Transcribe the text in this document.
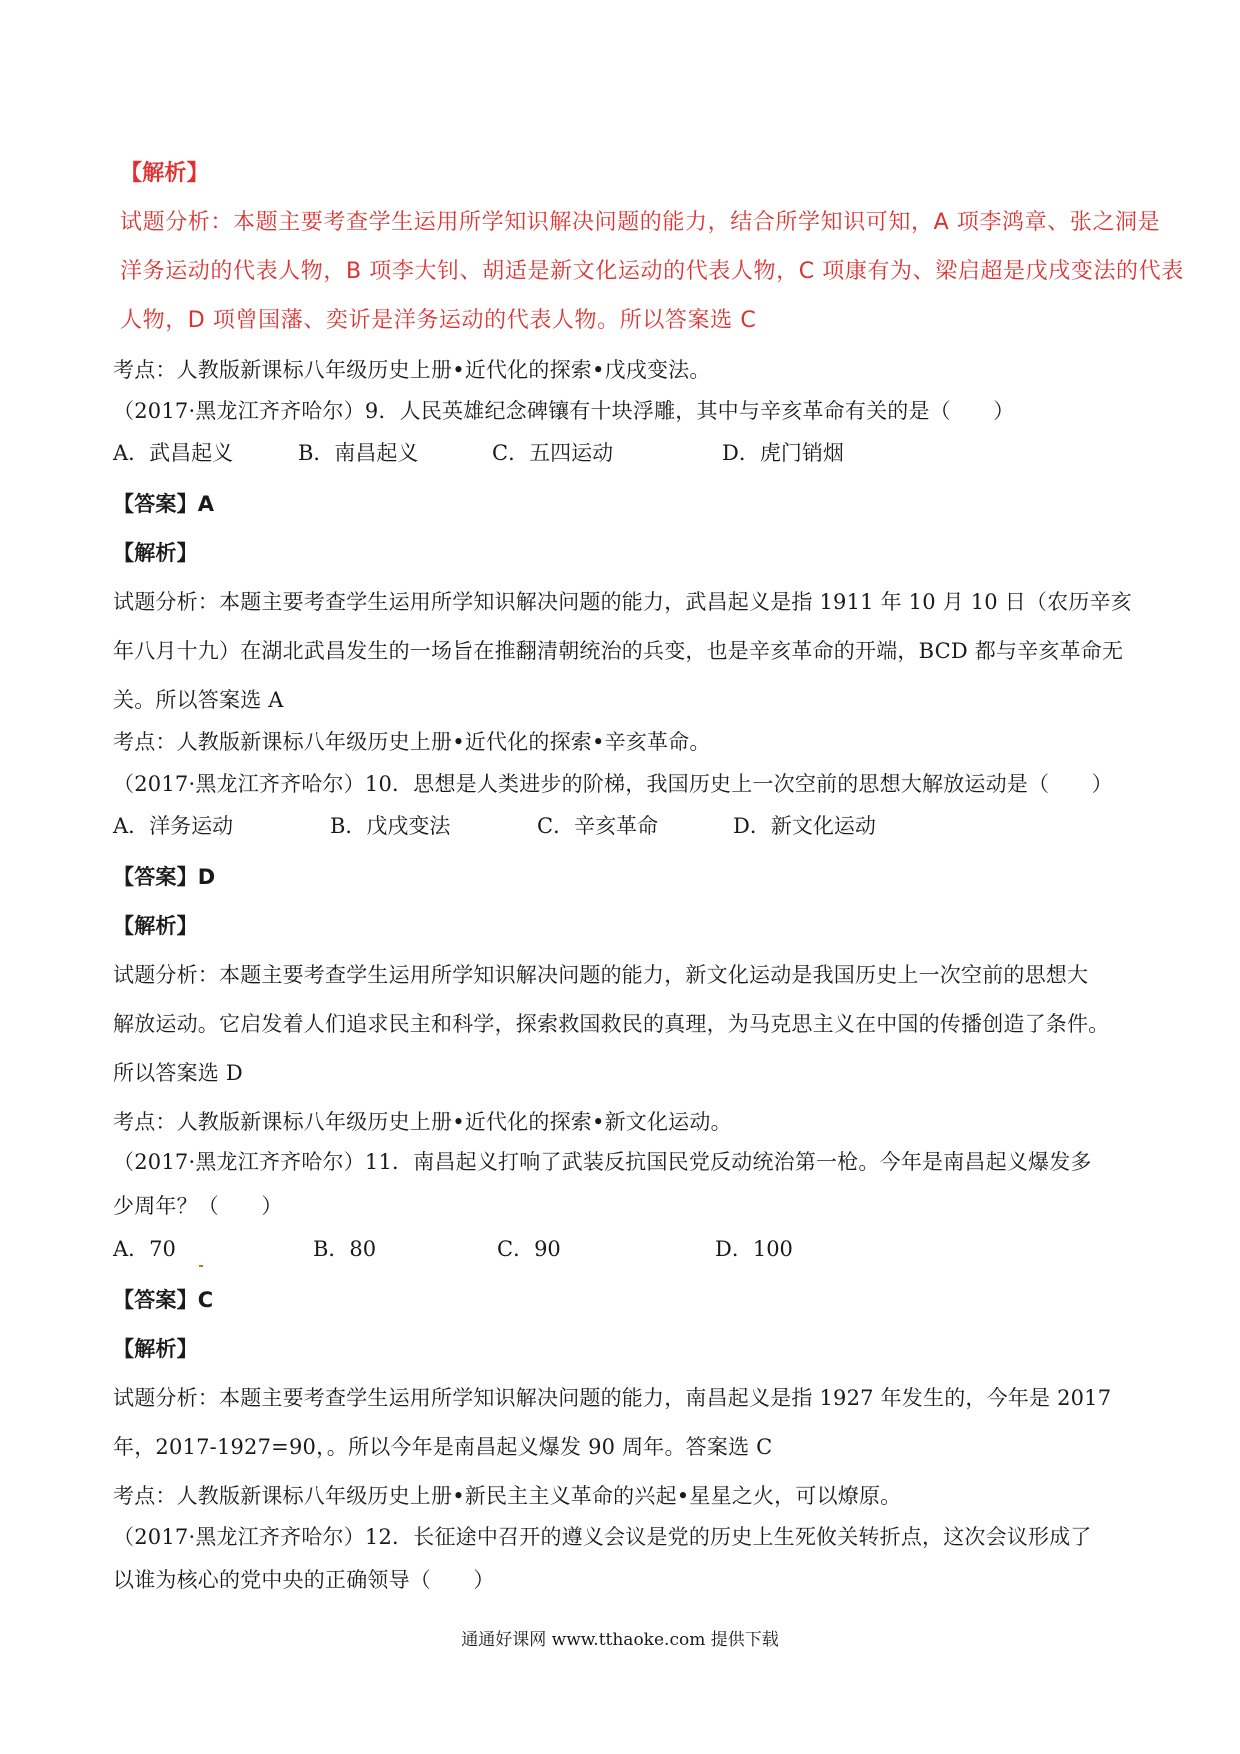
【解析】
试题分析：本题主要考查学生运用所学知识解决问题的能力，结合所学知识可知，A 项李鸿章、张之洞是
洋务运动的代表人物，B 项李大钊、胡适是新文化运动的代表人物，C 项康有为、梁启超是戊戌变法的代表
人物，D 项曾国藩、奕䜣是洋务运动的代表人物。所以答案选 C
考点：人教版新课标八年级历史上册•近代化的探索•戊戌变法。
（2017·黑龙江齐齐哈尔）9．人民英雄纪念碑镶有十块浮雕，其中与辛亥革命有关的是（　　）
A．武昌起义	B．南昌起义	C．五四运动	D．虎门销烟
【答案】A
【解析】
试题分析：本题主要考查学生运用所学知识解决问题的能力，武昌起义是指 1911 年 10 月 10 日（农历辛亥
年八月十九）在湖北武昌发生的一场旨在推翻清朝统治的兵变，也是辛亥革命的开端，BCD 都与辛亥革命无
关。所以答案选 A
考点：人教版新课标八年级历史上册•近代化的探索•辛亥革命。
（2017·黑龙江齐齐哈尔）10．思想是人类进步的阶梯，我国历史上一次空前的思想大解放运动是（　　）
A．洋务运动	B．戊戌变法	C．辛亥革命	D．新文化运动
【答案】D
【解析】
试题分析：本题主要考查学生运用所学知识解决问题的能力，新文化运动是我国历史上一次空前的思想大
解放运动。它启发着人们追求民主和科学，探索救国救民的真理，为马克思主义在中国的传播创造了条件。
所以答案选 D
考点：人教版新课标八年级历史上册•近代化的探索•新文化运动。
（2017·黑龙江齐齐哈尔）11．南昌起义打响了武装反抗国民党反动统治第一枪。今年是南昌起义爆发多
少周年？（　　）
A．70	B．80	C．90	D．100
【答案】C
【解析】
试题分析：本题主要考查学生运用所学知识解决问题的能力，南昌起义是指 1927 年发生的，今年是 2017
年，2017-1927=90，。所以今年是南昌起义爆发 90 周年。答案选 C
考点：人教版新课标八年级历史上册•新民主主义革命的兴起•星星之火，可以燎原。
（2017·黑龙江齐齐哈尔）12．长征途中召开的遵义会议是党的历史上生死攸关转折点，这次会议形成了
以谁为核心的党中央的正确领导（　　）
通通好课网 www.tthaoke.com 提供下载
